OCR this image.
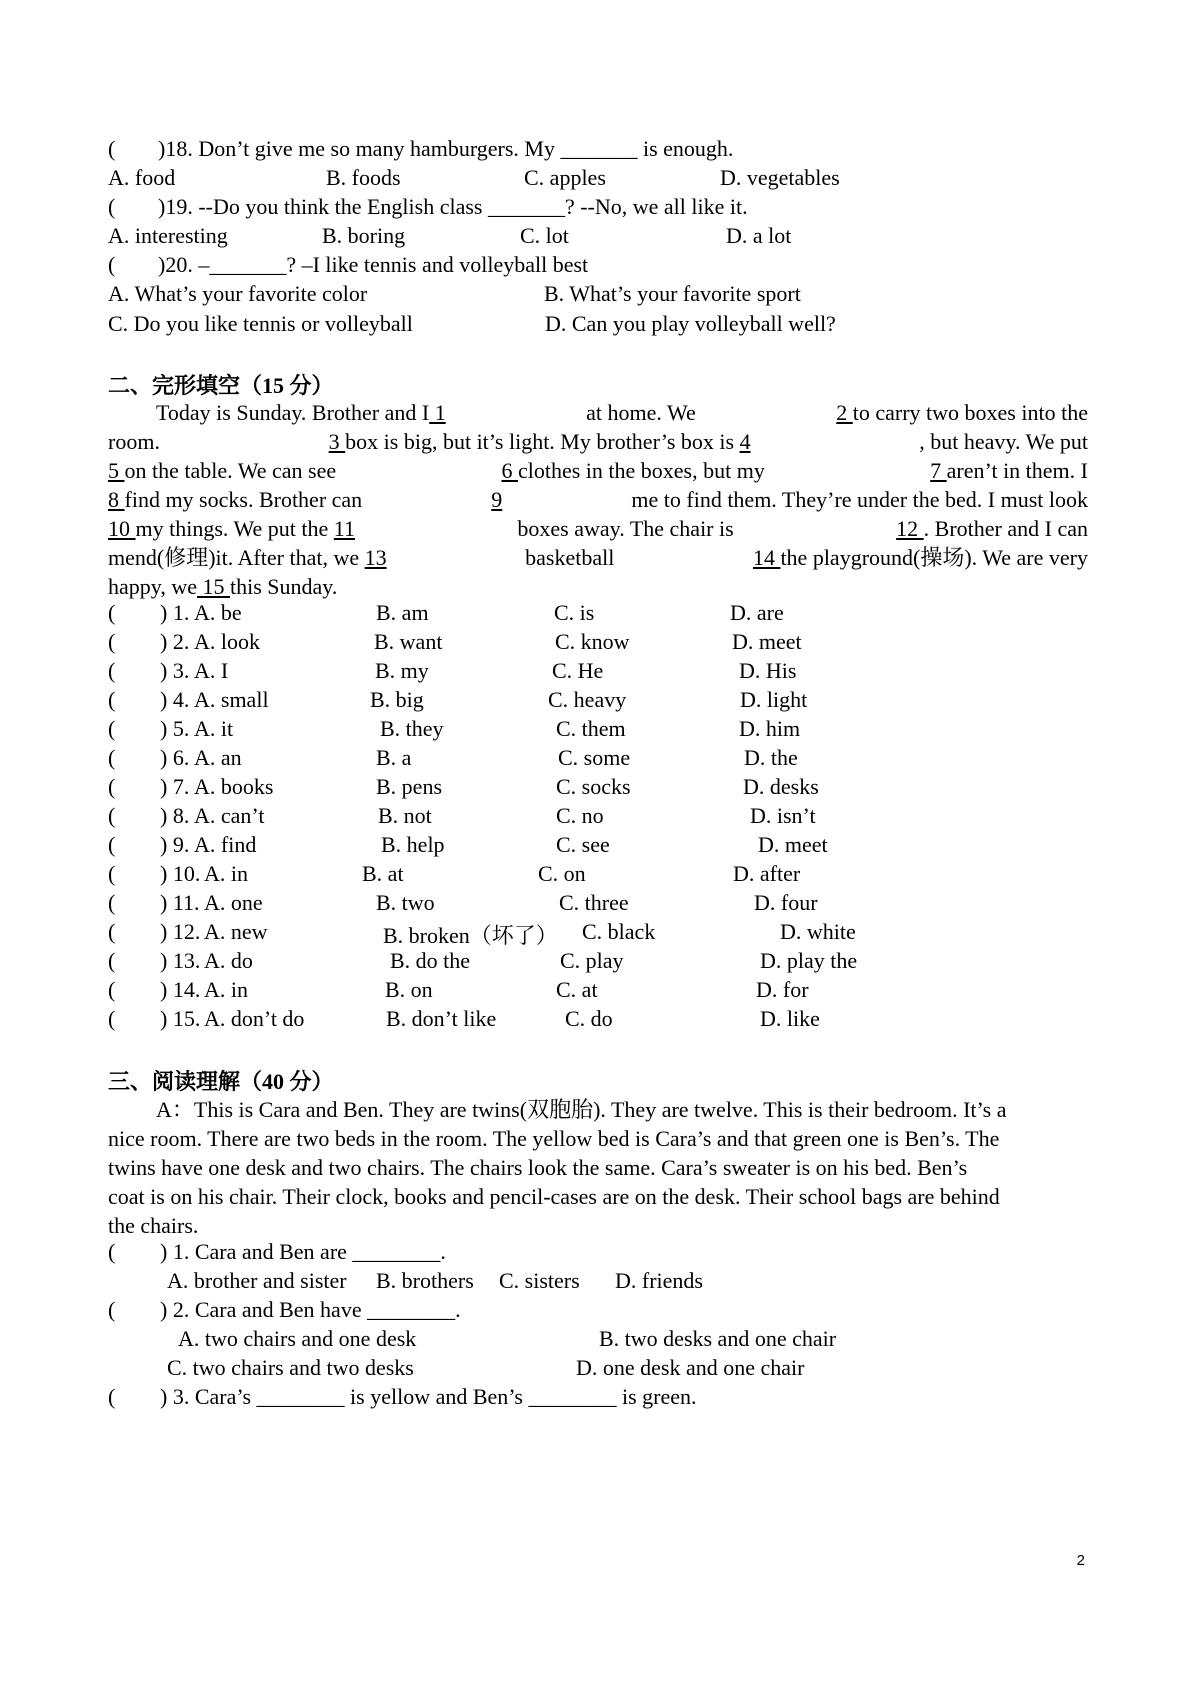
( )18. Don’t give me so many hamburgers. My _______ is enough.
A. food	B. foods	C. apples	D. vegetables
( )19. --Do you think the English class _______? --No, we all like it.
A. interesting	B. boring	C. lot	D. a lot
( )20. –_______? –I like tennis and volleyball best
A. What’s your favorite color	B. What’s your favorite sport
C. Do you like tennis or volleyball	D. Can you play volleyball well?
二、完形填空（15 分）
Today is Sunday. Brother and I 1	at home. We	2 to carry two boxes into the
room.	3 box is big, but it’s light. My brother’s box is 4	, but heavy. We put
5 on the table. We can see	6 clothes in the boxes, but my	7 aren’t in them. I
8 find my socks. Brother can	9	me to find them. They’re under the bed. I must look
10 my things. We put the 11	boxes away. The chair is	12 . Brother and I can
mend(修理)it. After that, we 13	basketball	14 the playground(操场). We are very
happy, we 15 this Sunday.
( ) 1. A. be	B. am	C. is	D. are
( ) 2. A. look	B. want	C. know	D. meet
( ) 3. A. I	B. my	C. He	D. His
( ) 4. A. small	B. big	C. heavy	D. light
( ) 5. A. it	B. they	C. them	D. him
( ) 6. A. an	B. a	C. some	D. the
( ) 7. A. books	B. pens	C. socks	D. desks
( ) 8. A. can’t	B. not	C. no	D. isn’t
( ) 9. A. find	B. help	C. see	D. meet
( ) 10. A. in	B. at	C. on	D. after
( ) 11. A. one	B. two	C. three	D. four
( ) 12. A. new	B. broken（坏了） C. black	D. white
( ) 13. A. do	B. do the	C. play	D. play the
( ) 14. A. in	B. on	C. at	D. for
( ) 15. A. don’t do	B. don’t like	C. do	D. like
三、阅读理解（40 分）
A：This is Cara and Ben. They are twins(双胞胎). They are twelve. This is their bedroom. It’s a
nice room. There are two beds in the room. The yellow bed is Cara’s and that green one is Ben’s. The
twins have one desk and two chairs. The chairs look the same. Cara’s sweater is on his bed. Ben’s
coat is on his chair. Their clock, books and pencil-cases are on the desk. Their school bags are behind
the chairs.
( ) 1. Cara and Ben are ________.
A. brother and sister B. brothers C. sisters D. friends
( ) 2. Cara and Ben have ________.
A. two chairs and one desk	B. two desks and one chair
C. two chairs and two desks	D. one desk and one chair
( ) 3. Cara’s ________ is yellow and Ben’s ________ is green.
2
